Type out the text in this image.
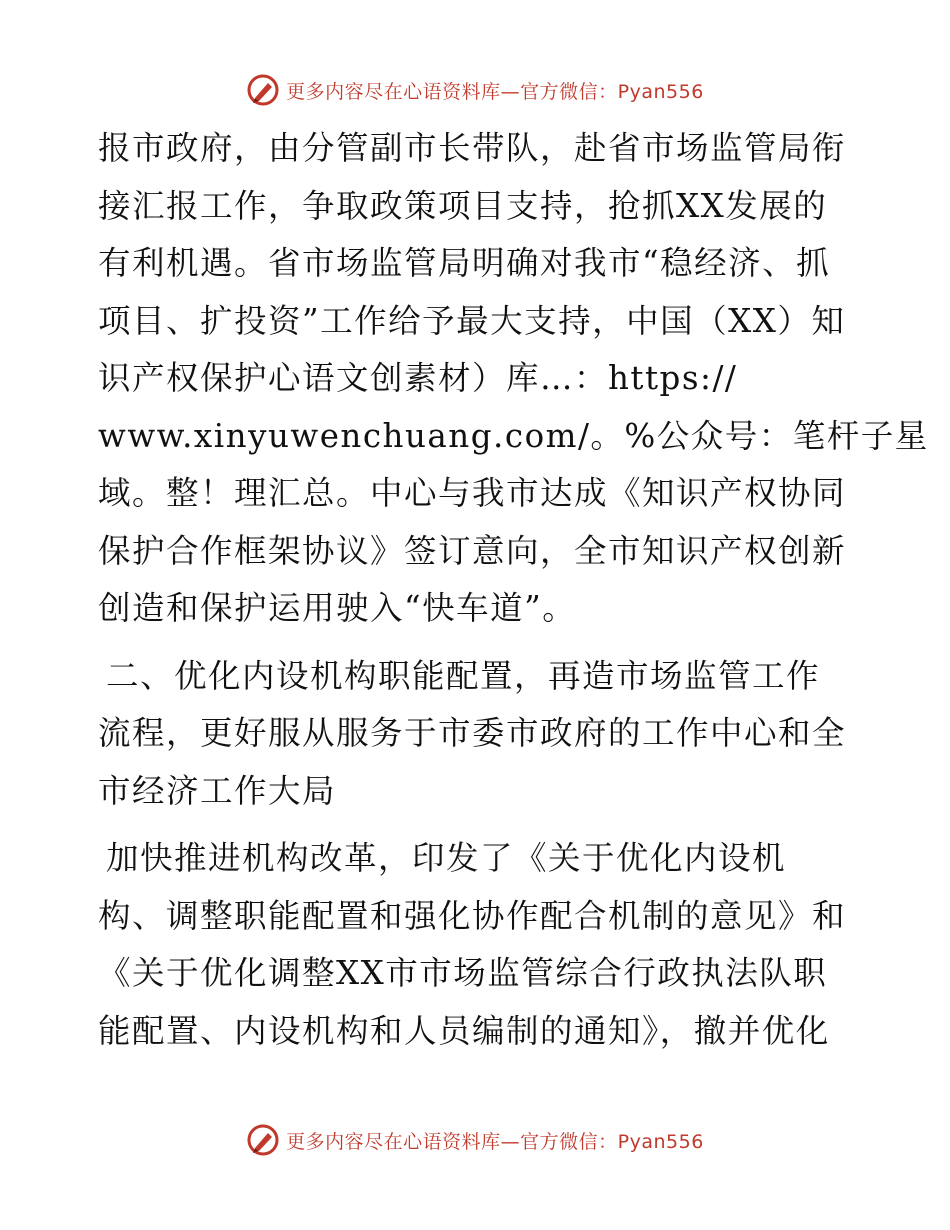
更多内容尽在心语资料库—官方微信：Pyan556
报市政府，由分管副市长带队，赴省市场监管局衔
接汇报工作，争取政策项目支持，抢抓XX发展的
有利机遇。省市场监管局明确对我市“稳经济、抓
项目、扩投资”工作给予最大支持，中国（XX）知
识产权保护心语文创素材）库…：https://
www.xinyuwenchuang.com/。%公众号：笔杆子星
域。整！理汇总。中心与我市达成《知识产权协同
保护合作框架协议》签订意向，全市知识产权创新
创造和保护运用驶入“快车道”。
二、优化内设机构职能配置，再造市场监管工作
流程，更好服从服务于市委市政府的工作中心和全
市经济工作大局
加快推进机构改革，印发了《关于优化内设机
构、调整职能配置和强化协作配合机制的意见》和
《关于优化调整XX市市场监管综合行政执法队职
能配置、内设机构和人员编制的通知》，撤并优化
更多内容尽在心语资料库—官方微信：Pyan556
